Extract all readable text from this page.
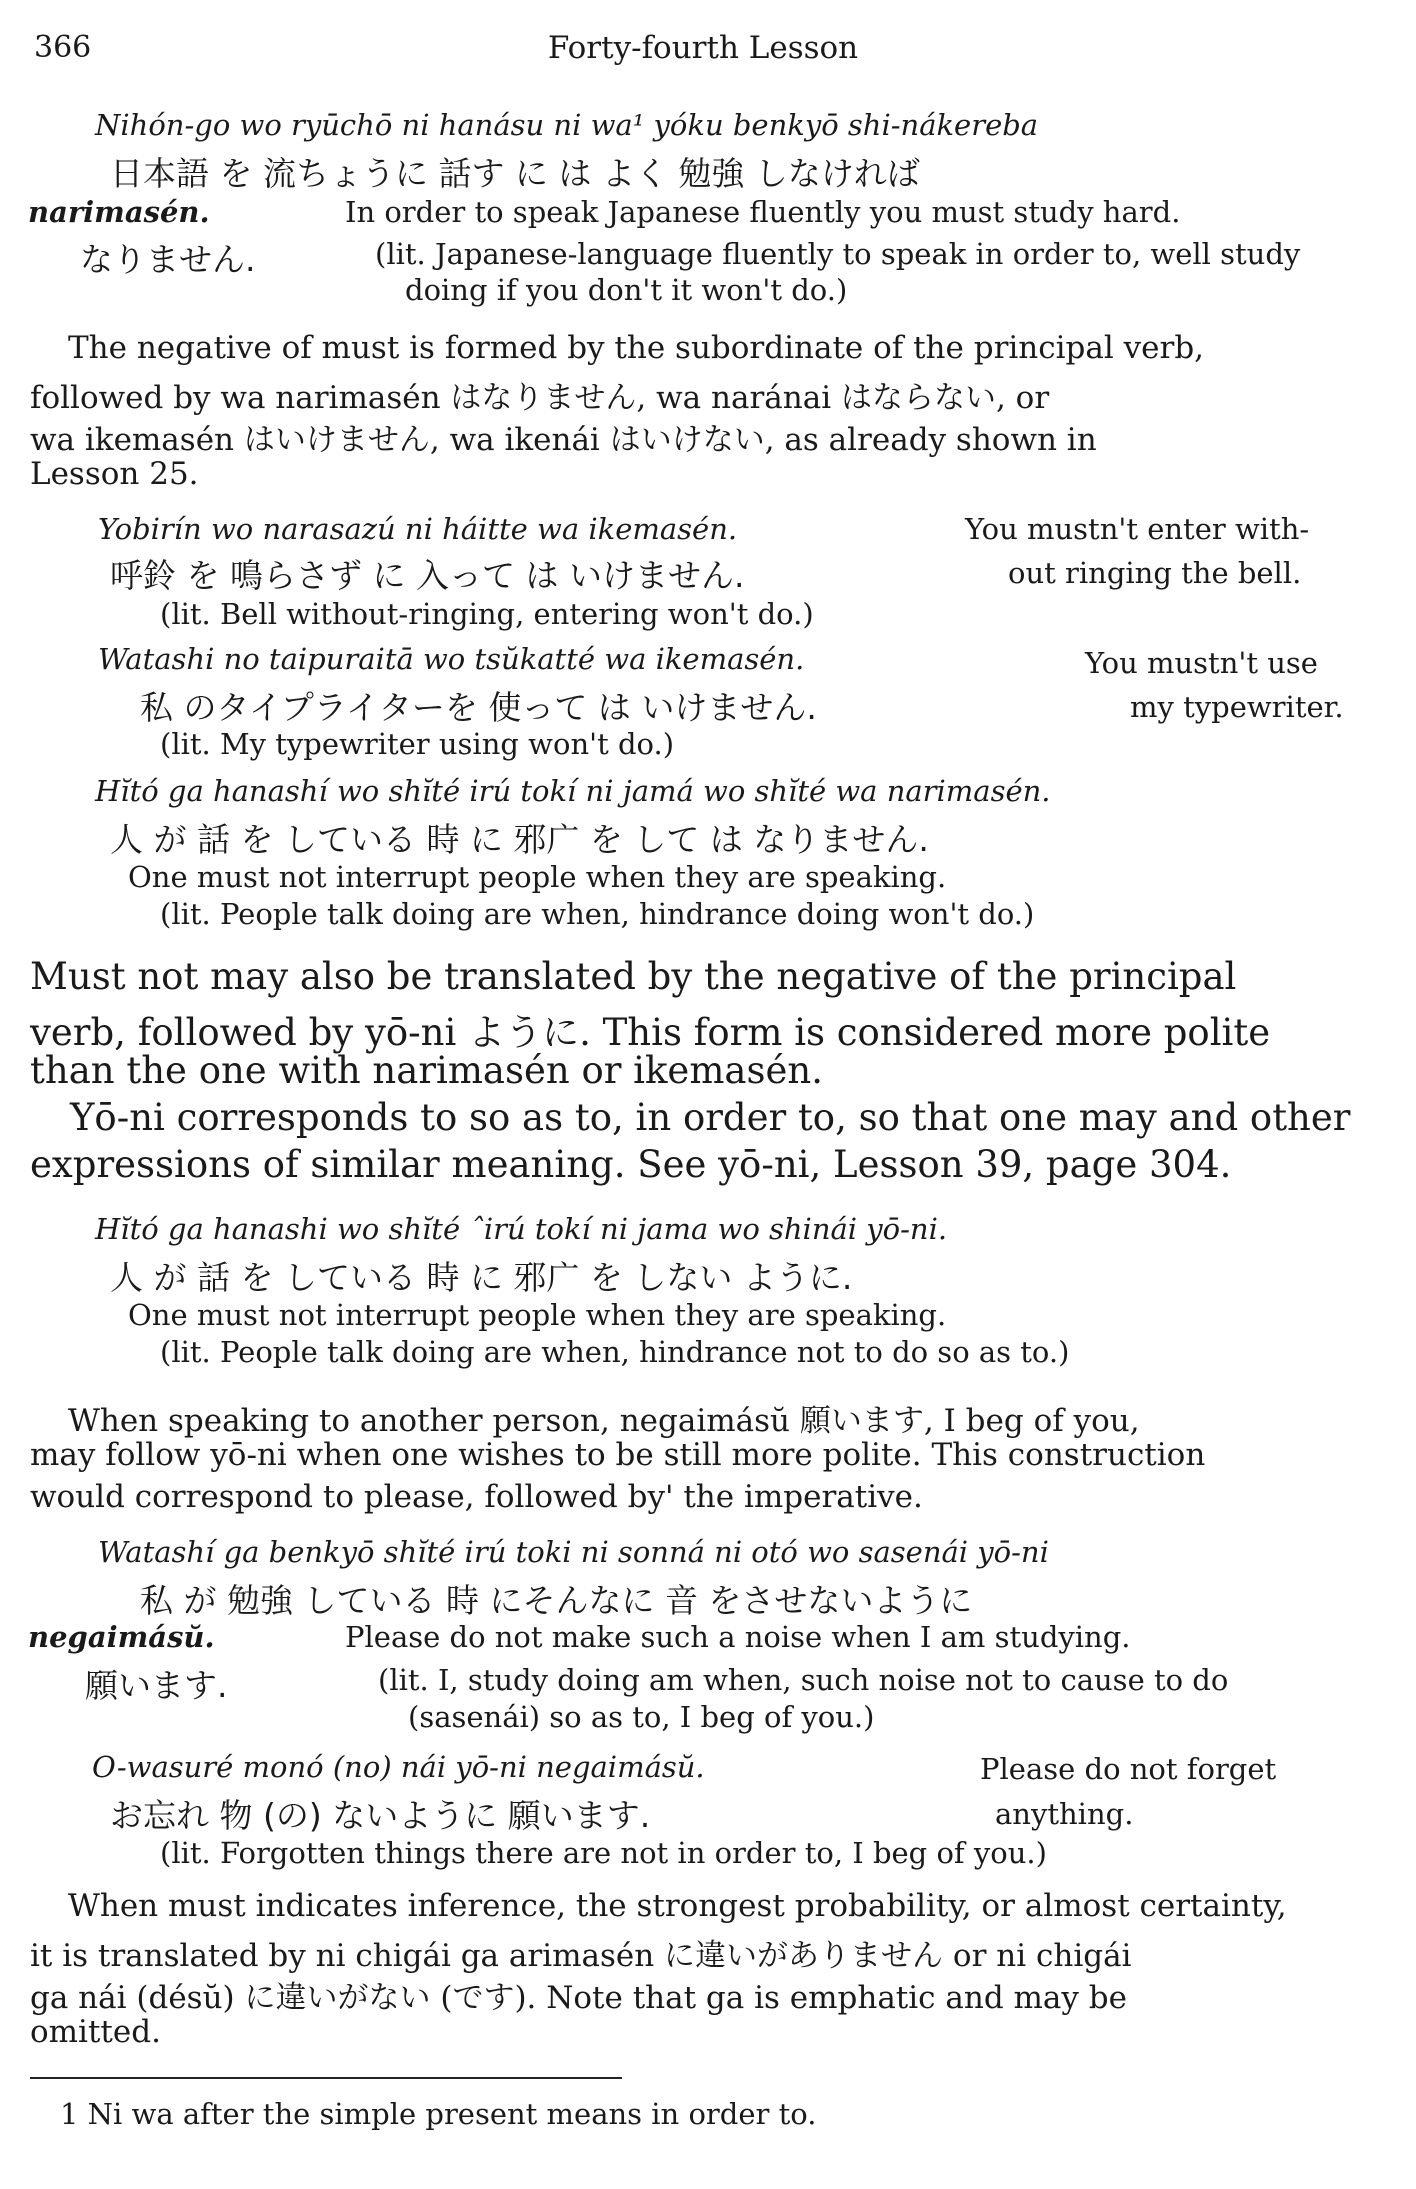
366	Forty-fourth Lesson
Nihón-go wo ryūchō ni hanásu ni wa¹ yóku benkyō shi-nákereba
日本語 を 流ちょうに 話す に は よく 勉強 しなければ
narimasén.	In order to speak Japanese fluently you must study hard.
なりません.	(lit. Japanese-language fluently to speak in order to, well study
doing if you don't it won't do.)
The negative of must is formed by the subordinate of the principal verb,
followed by wa narimasén はなりません, wa naránai はならない, or
wa ikemasén はいけません, wa ikenái はいけない, as already shown in
Lesson 25.
Yobirín wo narasazú ni háitte wa ikemasén.	You mustn't enter with-
呼鈴 を 鳴らさず に 入って は いけません.	out ringing the bell.
(lit. Bell without-ringing, entering won't do.)
Watashi no taipuraitā wo tsŭkatté wa ikemasén.	You mustn't use
私 のタイプライターを 使って は いけません.	my typewriter.
(lit. My typewriter using won't do.)
Hĭtó ga hanashí wo shĭté irú tokí ni jamá wo shĭté wa narimasén.
人 が 話 を している 時 に 邪广 を して は なりません.
One must not interrupt people when they are speaking.
(lit. People talk doing are when, hindrance doing won't do.)
Must not may also be translated by the negative of the principal
verb, followed by yō-ni ように. This form is considered more polite
than the one with narimasén or ikemasén.
Yō-ni corresponds to so as to, in order to, so that one may and other
expressions of similar meaning. See yō-ni, Lesson 39, page 304.
Hĭtó ga hanashi wo shĭté ˆirú tokí ni jama wo shinái yō-ni.
人 が 話 を している 時 に 邪广 を しない ように.
One must not interrupt people when they are speaking.
(lit. People talk doing are when, hindrance not to do so as to.)
When speaking to another person, negaimásŭ 願います, I beg of you,
may follow yō-ni when one wishes to be still more polite. This construction
would correspond to please, followed by' the imperative.
Watashí ga benkyō shĭté irú toki ni sonná ni otó wo sasenái yō-ni
私 が 勉強 している 時 にそんなに 音 をさせないように
negaimásŭ.	Please do not make such a noise when I am studying.
願います.	(lit. I, study doing am when, such noise not to cause to do
(sasenái) so as to, I beg of you.)
O-wasuré monó (no) nái yō-ni negaimásŭ.	Please do not forget
お忘れ 物 (の) ないように 願います.	anything.
(lit. Forgotten things there are not in order to, I beg of you.)
When must indicates inference, the strongest probability, or almost certainty,
it is translated by ni chigái ga arimasén に違いがありません or ni chigái
ga nái (désŭ) に違いがない (です). Note that ga is emphatic and may be
omitted.
1 Ni wa after the simple present means in order to.
